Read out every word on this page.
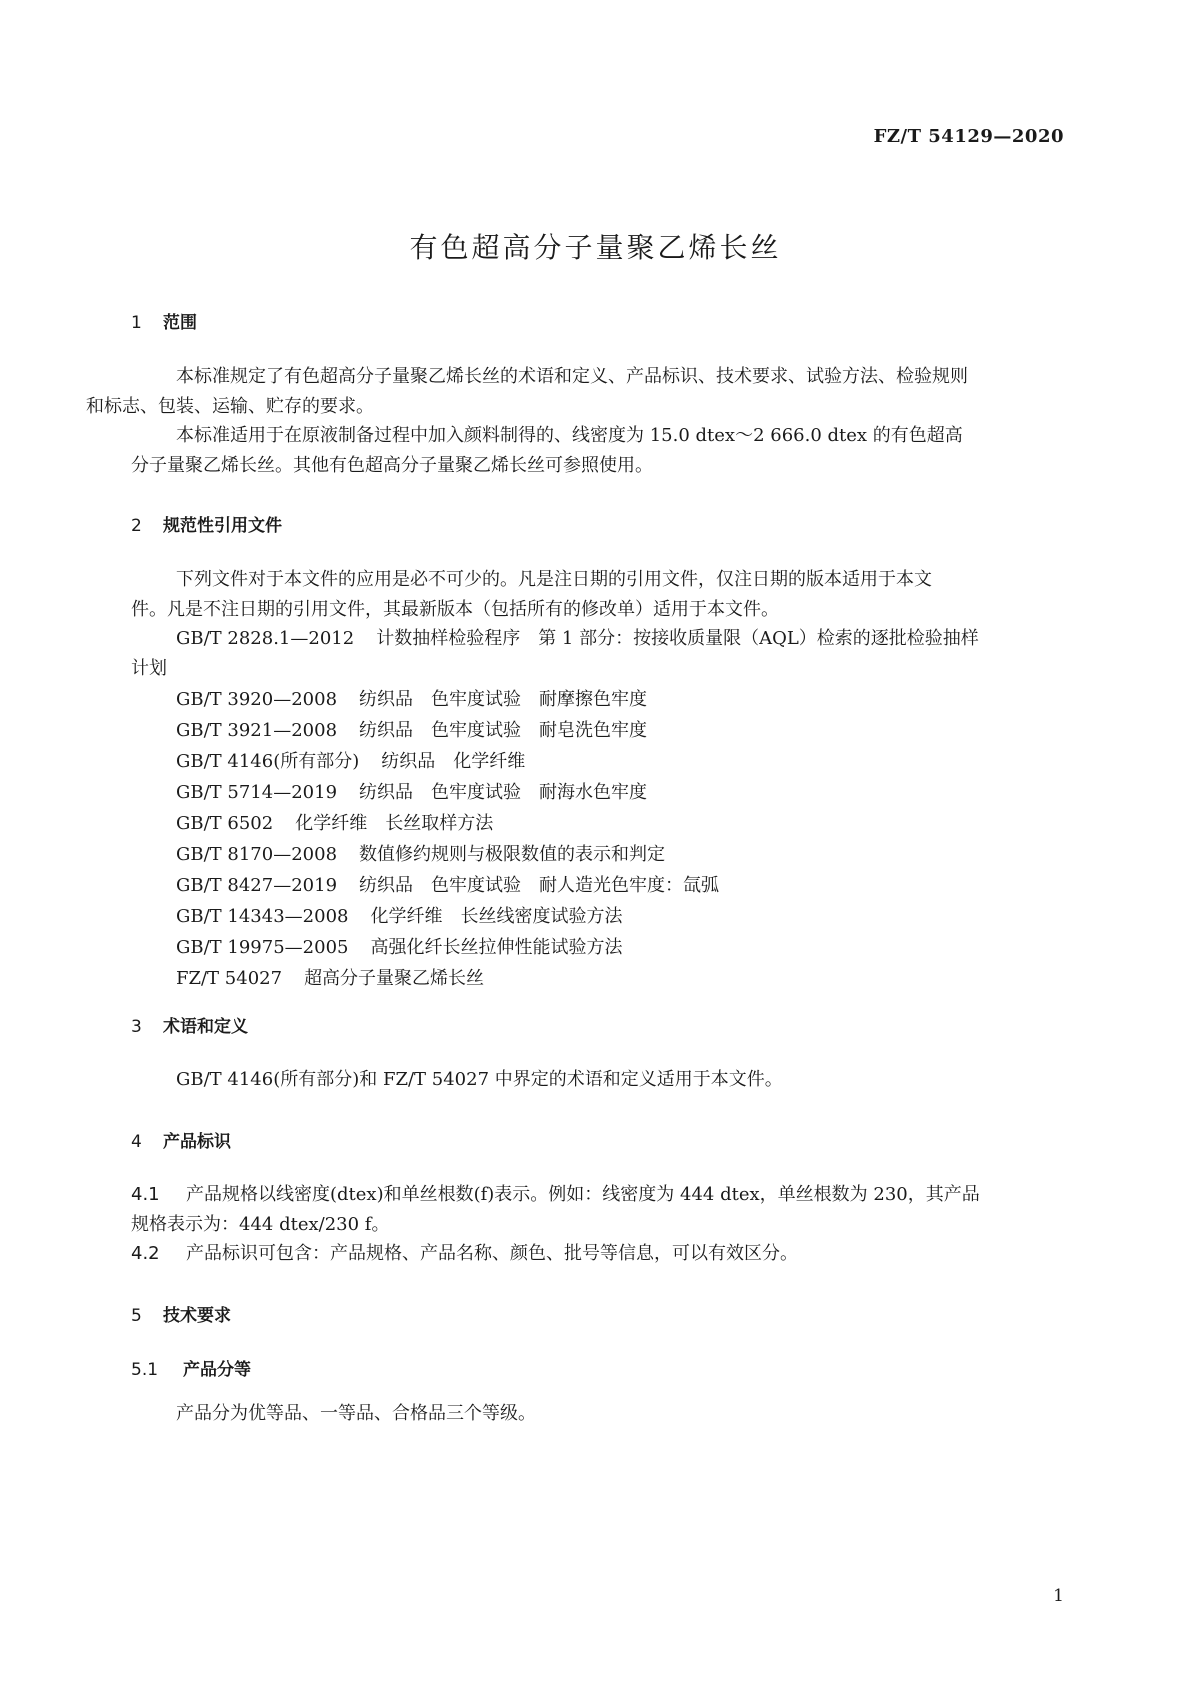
FZ/T 54129—2020
有色超高分子量聚乙烯长丝
1 范围
本标准规定了有色超高分子量聚乙烯长丝的术语和定义、产品标识、技术要求、试验方法、检验规则
和标志、包装、运输、贮存的要求。
本标准适用于在原液制备过程中加入颜料制得的、线密度为 15.0 dtex～2 666.0 dtex 的有色超高
分子量聚乙烯长丝。其他有色超高分子量聚乙烯长丝可参照使用。
2 规范性引用文件
下列文件对于本文件的应用是必不可少的。凡是注日期的引用文件，仅注日期的版本适用于本文
件。凡是不注日期的引用文件，其最新版本（包括所有的修改单）适用于本文件。
GB/T 2828.1—2012 计数抽样检验程序　第 1 部分：按接收质量限（AQL）检索的逐批检验抽样
计划
GB/T 3920—2008 纺织品　色牢度试验　耐摩擦色牢度
GB/T 3921—2008 纺织品　色牢度试验　耐皂洗色牢度
GB/T 4146(所有部分) 纺织品　化学纤维
GB/T 5714—2019 纺织品　色牢度试验　耐海水色牢度
GB/T 6502 化学纤维　长丝取样方法
GB/T 8170—2008 数值修约规则与极限数值的表示和判定
GB/T 8427—2019 纺织品　色牢度试验　耐人造光色牢度：氙弧
GB/T 14343—2008 化学纤维　长丝线密度试验方法
GB/T 19975—2005 高强化纤长丝拉伸性能试验方法
FZ/T 54027 超高分子量聚乙烯长丝
3 术语和定义
GB/T 4146(所有部分)和 FZ/T 54027 中界定的术语和定义适用于本文件。
4 产品标识
4.1 产品规格以线密度(dtex)和单丝根数(f)表示。例如：线密度为 444 dtex，单丝根数为 230，其产品
规格表示为：444 dtex/230 f。
4.2 产品标识可包含：产品规格、产品名称、颜色、批号等信息，可以有效区分。
5 技术要求
5.1 产品分等
产品分为优等品、一等品、合格品三个等级。
1
